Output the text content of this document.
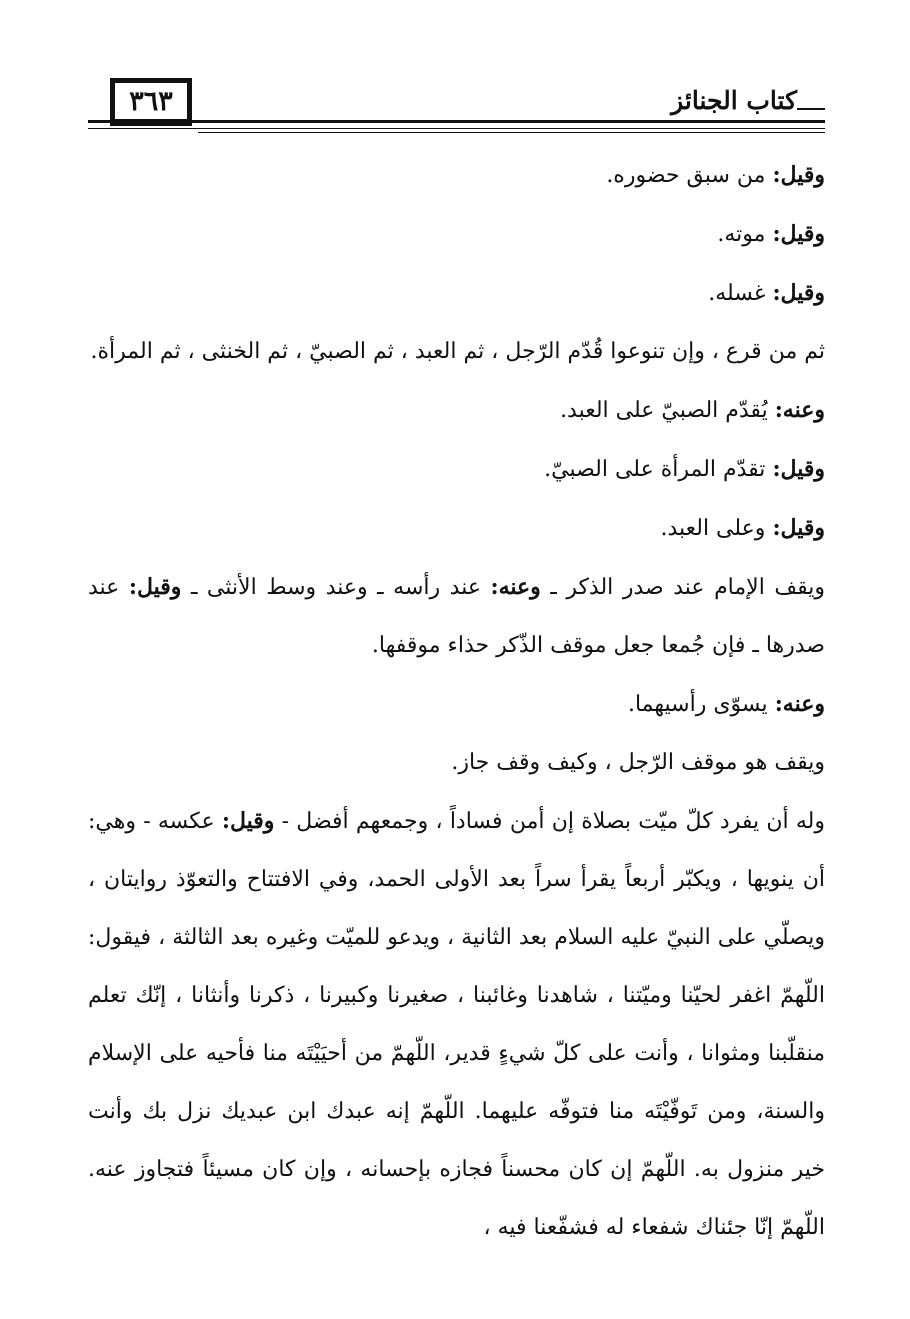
٣٦٣	كتاب الجنائز

وقيل: من سبق حضوره.

وقيل: موته.

وقيل: غسله.

ثم من قرع ، وإن تنوعوا قُدّم الرّجل ، ثم العبد ، ثم الصبيّ ، ثم الخنثى ، ثم المرأة.

وعنه: يُقدّم الصبيّ على العبد.

وقيل: تقدّم المرأة على الصبيّ.

وقيل: وعلى العبد.

ويقف الإمام عند صدر الذكر ـ وعنه: عند رأسه ـ وعند وسط الأنثى ـ وقيل: عند صدرها ـ فإن جُمعا جعل موقف الذّكر حذاء موقفها.

وعنه: يسوّى رأسيهما.

ويقف هو موقف الرّجل ، وكيف وقف جاز.

وله أن يفرد كلّ ميّت بصلاة إن أمن فساداً ، وجمعهم أفضل - وقيل: عكسه - وهي: أن ينويها ، ويكبّر أربعاً يقرأ سراً بعد الأولى الحمد، وفي الافتتاح والتعوّذ روايتان ، ويصلّي على النبيّ عليه السلام بعد الثانية ، ويدعو للميّت وغيره بعد الثالثة ، فيقول: اللّهمّ اغفر لحيّنا وميّتنا ، شاهدنا وغائبنا ، صغيرنا وكبيرنا ، ذكرنا وأنثانا ، إنّك تعلم منقلّبنا ومثوانا ، وأنت على كلّ شيءٍ قدير، اللّهمّ من أحيَيْتَه منا فأحيه على الإسلام والسنة، ومن تَوفّيْتَه منا فتوفّه عليهما. اللّهمّ إنه عبدك ابن عبديك نزل بك وأنت خير منزول به. اللّهمّ إن كان محسناً فجازه بإحسانه ، وإن كان مسيئاً فتجاوز عنه. اللّهمّ إنّا جئناك شفعاء له فشفّعنا فيه ،
